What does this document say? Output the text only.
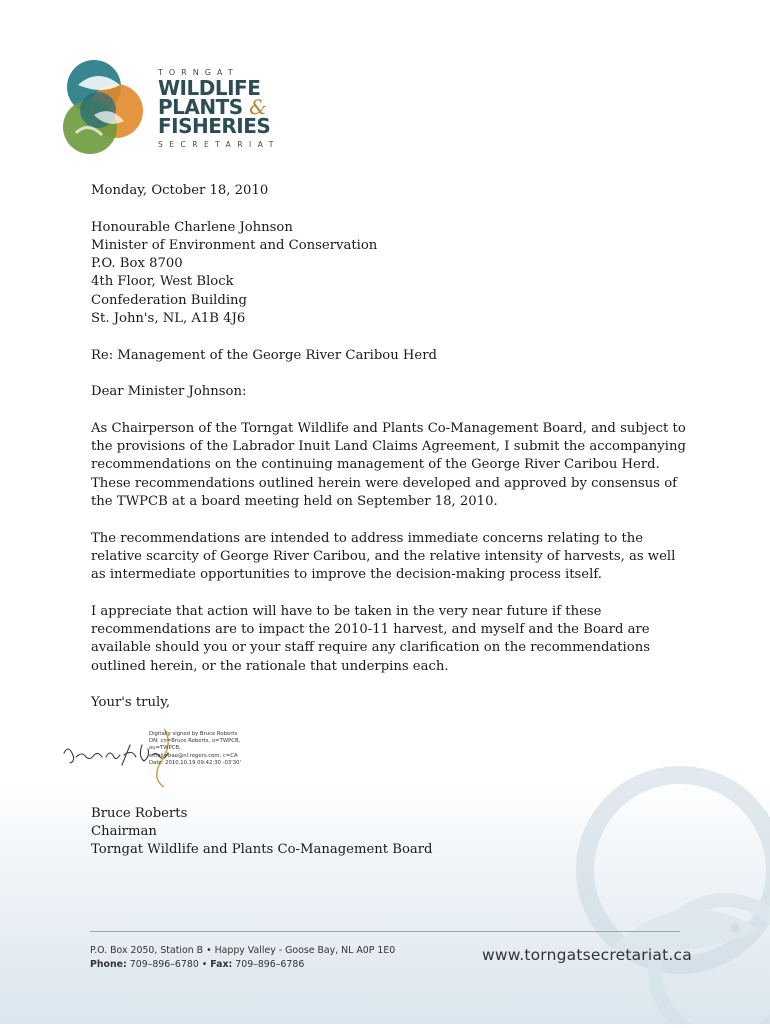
TORNGAT
WILDLIFE
PLANTS &
FISHERIES
SECRETARIAT

Monday, October 18, 2010

Honourable Charlene Johnson
Minister of Environment and Conservation
P.O. Box 8700
4th Floor, West Block
Confederation Building
St. John's, NL, A1B 4J6

Re: Management of the George River Caribou Herd

Dear Minister Johnson:

As Chairperson of the Torngat Wildlife and Plants Co-Management Board, and subject to the provisions of the Labrador Inuit Land Claims Agreement, I submit the accompanying recommendations on the continuing management of the George River Caribou Herd. These recommendations outlined herein were developed and approved by consensus of the TWPCB at a board meeting held on September 18, 2010.

The recommendations are intended to address immediate concerns relating to the relative scarcity of George River Caribou, and the relative intensity of harvests, as well as intermediate opportunities to improve the decision-making process itself.

I appreciate that action will have to be taken in the very near future if these recommendations are to impact the 2010-11 harvest, and myself and the Board are available should you or your staff require any clarification on the recommendations outlined herein, or the rationale that underpins each.

Your's truly,

Digitally signed by Bruce Roberts
DN: cn=Bruce Roberts, o=TWPCB,
ou=TWPCB,
email=bae@nl.rogers.com, c=CA
Date: 2010.10.19 09:42:30 -03'30'

Bruce Roberts

Chairman

Torngat Wildlife and Plants Co-Management Board

P.O. Box 2050, Station B • Happy Valley - Goose Bay, NL A0P 1E0
Phone: 709–896–6780 • Fax: 709–896–6786
www.torngatsecretariat.ca
